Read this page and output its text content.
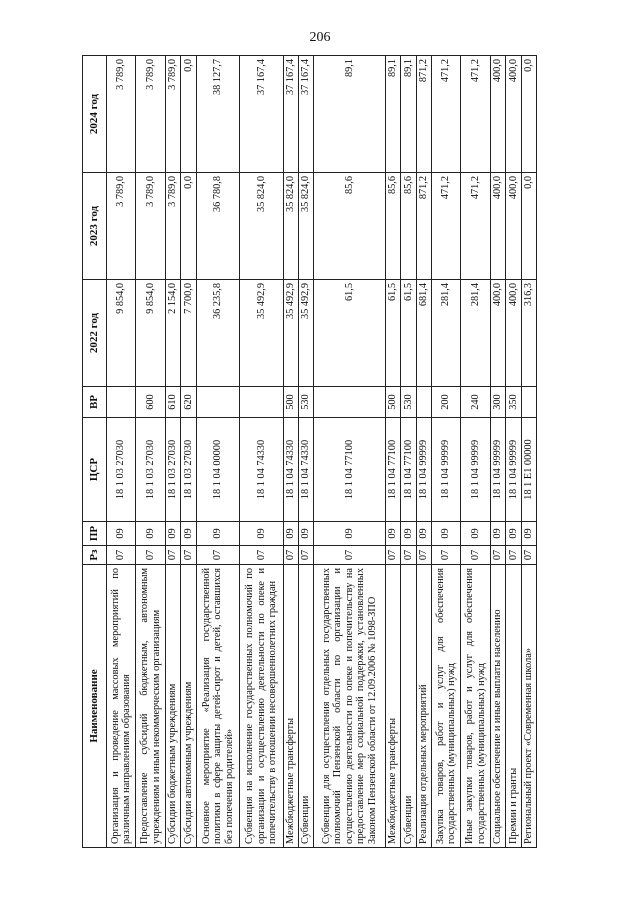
206
Наименование	Рз	ПР	ЦСР	ВР	2022 год	2023 год	2024 год
Организация и проведение массовых мероприятий по различным направлениям образования	07	09	18 1 03 27030		9 854,0	3 789,0	3 789,0
Предоставление субсидий бюджетным, автономным учреждениям и иным некоммерческим организациям	07	09	18 1 03 27030	600	9 854,0	3 789,0	3 789,0
Субсидии бюджетным учреждениям	07	09	18 1 03 27030	610	2 154,0	3 789,0	3 789,0
Субсидии автономным учреждениям	07	09	18 1 03 27030	620	7 700,0	0,0	0,0
Основное мероприятие «Реализация государственной политики в сфере защиты детей-сирот и детей, оставшихся без попечения родителей»	07	09	18 1 04 00000		36 235,8	36 780,8	38 127,7
Субвенция на исполнение государственных полномочий по организации и осуществлению деятельности по опеке и попечительству в отношении несовершеннолетних граждан	07	09	18 1 04 74330		35 492,9	35 824,0	37 167,4
Межбюджетные трансферты	07	09	18 1 04 74330	500	35 492,9	35 824,0	37 167,4
Субвенции	07	09	18 1 04 74330	530	35 492,9	35 824,0	37 167,4
Субвенции для осуществления отдельных государственных полномочий Пензенской области по организации и осуществлению деятельности по опеке и попечительству на предоставление мер социальной поддержки, установленных Законом Пензенской области от 12.09.2006 № 1098-ЗПО	07	09	18 1 04 77100		61,5	85,6	89,1
Межбюджетные трансферты	07	09	18 1 04 77100	500	61,5	85,6	89,1
Субвенции	07	09	18 1 04 77100	530	61,5	85,6	89,1
Реализация отдельных мероприятий	07	09	18 1 04 99999		681,4	871,2	871,2
Закупка товаров, работ и услуг для обеспечения государственных (муниципальных) нужд	07	09	18 1 04 99999	200	281,4	471,2	471,2
Иные закупки товаров, работ и услуг для обеспечения государственных (муниципальных) нужд	07	09	18 1 04 99999	240	281,4	471,2	471,2
Социальное обеспечение и иные выплаты населению	07	09	18 1 04 99999	300	400,0	400,0	400,0
Премии и гранты	07	09	18 1 04 99999	350	400,0	400,0	400,0
Региональный проект «Современная школа»	07	09	18 1 Е1 00000		316,3	0,0	0,0
